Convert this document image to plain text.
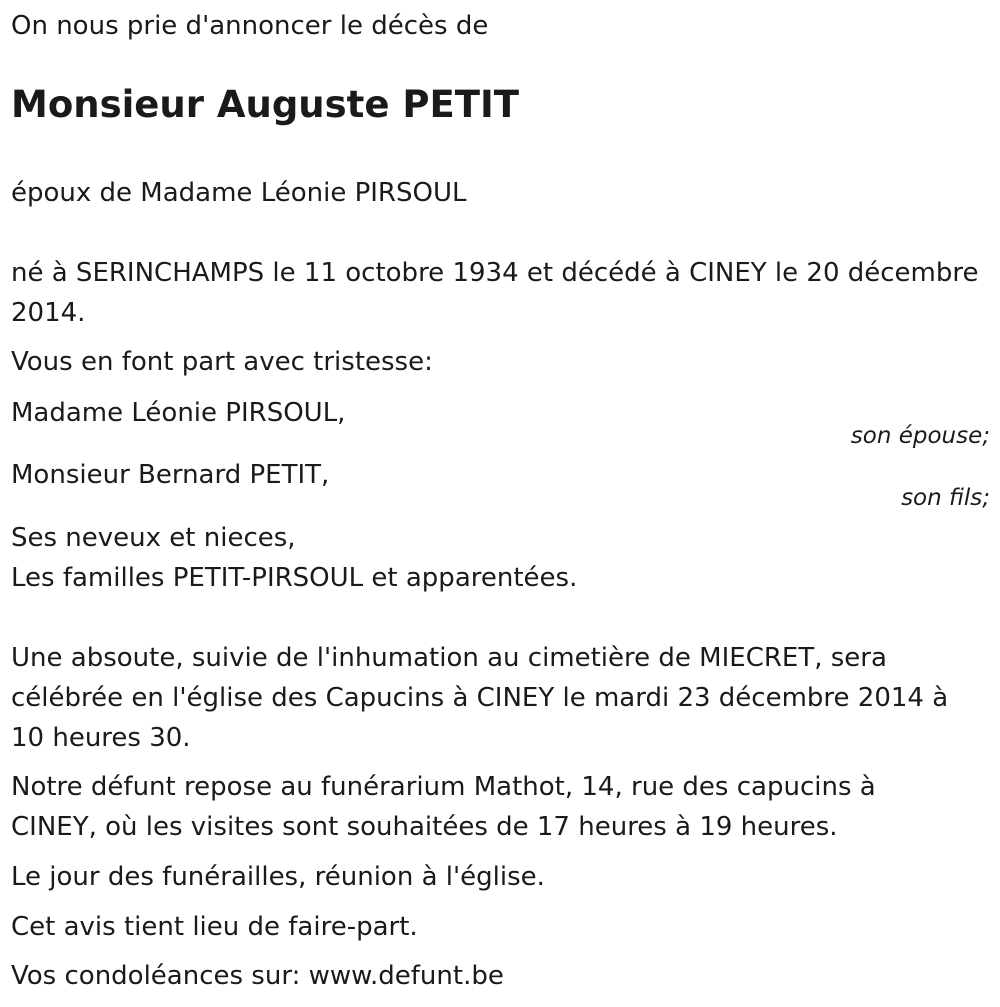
On nous prie d'annoncer le décès de

Monsieur Auguste PETIT

époux de Madame Léonie PIRSOUL

né à SERINCHAMPS le 11 octobre 1934 et décédé à CINEY le 20 décembre

2014.

Vous en font part avec tristesse:

Madame Léonie PIRSOUL,

son épouse;

Monsieur Bernard PETIT,

son fils;

Ses neveux et nieces,

Les familles PETIT-PIRSOUL et apparentées.

Une absoute, suivie de l'inhumation au cimetière de MIECRET, sera

célébrée en l'église des Capucins à CINEY le mardi 23 décembre 2014 à

10 heures 30.

Notre défunt repose au funérarium Mathot, 14, rue des capucins à

CINEY, où les visites sont souhaitées de 17 heures à 19 heures.

Le jour des funérailles, réunion à l'église.

Cet avis tient lieu de faire-part.

Vos condoléances sur: www.defunt.be
